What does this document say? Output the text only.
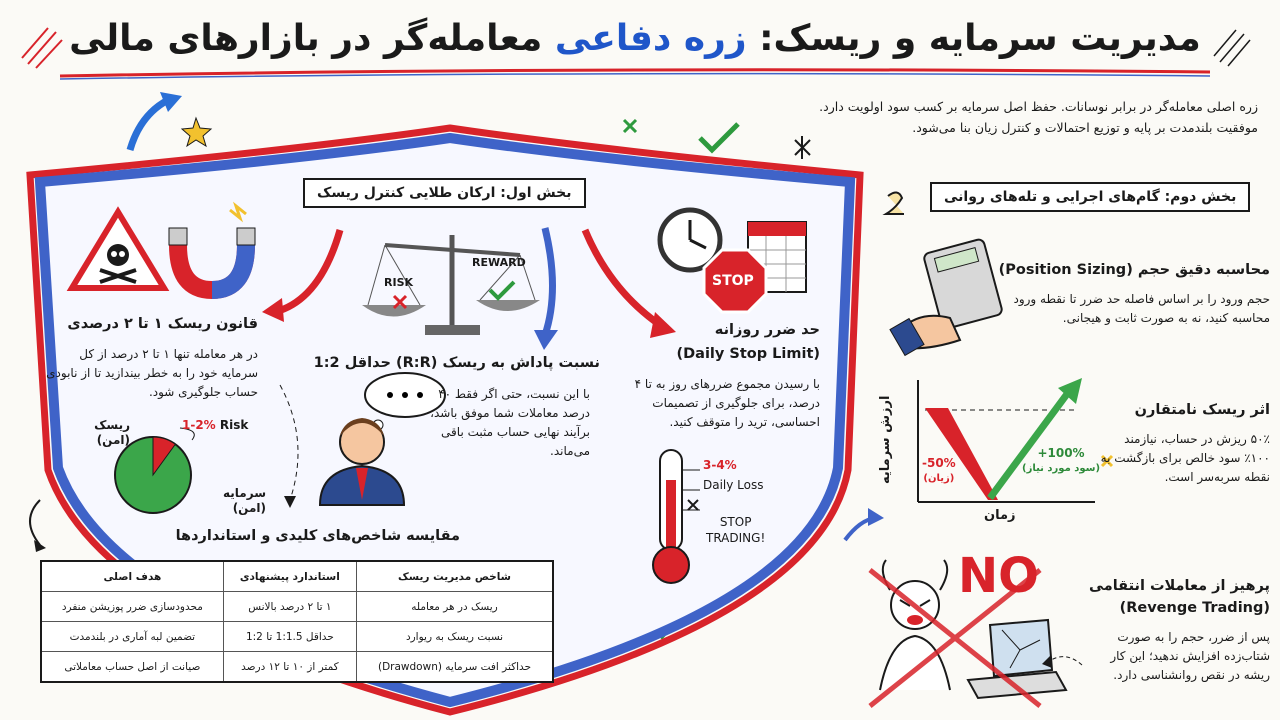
مدیریت سرمایه و ریسک: زره دفاعی معامله‌گر در بازارهای مالی
زره اصلی معامله‌گر در برابر نوسانات. حفظ اصل سرمایه بر کسب سود اولویت دارد.
موفقیت بلندمدت بر پایه و توزیع احتمالات و کنترل زیان بنا می‌شود.
بخش اول: ارکان طلایی کنترل ریسک
قانون ریسک ۱ تا ۲ درصدی
در هر معامله تنها ۱ تا ۲ درصد از کل سرمایه خود را به خطر بیندازید تا از نابودی حساب جلوگیری شود.
ریسک
(امن)
1-2% Risk
سرمایه
(امن)
RISK
REWARD
نسبت پاداش به ریسک (R:R) حداقل 1:2
با این نسبت، حتی اگر فقط ۴۰ درصد معاملات شما موفق باشد، برآیند نهایی حساب مثبت باقی می‌ماند.
STOP
حد ضرر روزانه
(Daily Stop Limit)
با رسیدن مجموع ضررهای روز به تا ۴ درصد، برای جلوگیری از تصمیمات احساسی، ترید را متوقف کنید.
3-4%
Daily Loss
STOP
TRADING!
مقایسه شاخص‌های کلیدی و استانداردها
شاخص مدیریت ریسک	استاندارد پیشنهادی	هدف اصلی
ریسک در هر معامله	۱ تا ۲ درصد بالانس	محدودسازی ضرر پوزیشن منفرد
نسبت ریسک به ریوارد	حداقل 1:1.5 تا 1:2	تضمین لبه آماری در بلندمدت
حداکثر افت سرمایه (Drawdown)	کمتر از ۱۰ تا ۱۲ درصد	صیانت از اصل حساب معاملاتی
بخش دوم: گام‌های اجرایی و تله‌های روانی
محاسبه دقیق حجم (Position Sizing)
حجم ورود را بر اساس فاصله حد ضرر تا نقطه ورود محاسبه کنید، نه به صورت ثابت و هیجانی.
اثر ریسک نامتقارن
۵۰٪ ریزش در حساب، نیازمند ۱۰۰٪ سود خالص برای بازگشت به نقطه سربه‌سر است.
ارزش سرمایه
زمان
-50%
(زیان)
+100%
(سود مورد نیاز)
NO	پرهیز از معاملات انتقامی
(Revenge Trading)
پس از ضرر، حجم را به صورت شتاب‌زده افزایش ندهید؛ این کار ریشه در نقص روانشناسی دارد.
